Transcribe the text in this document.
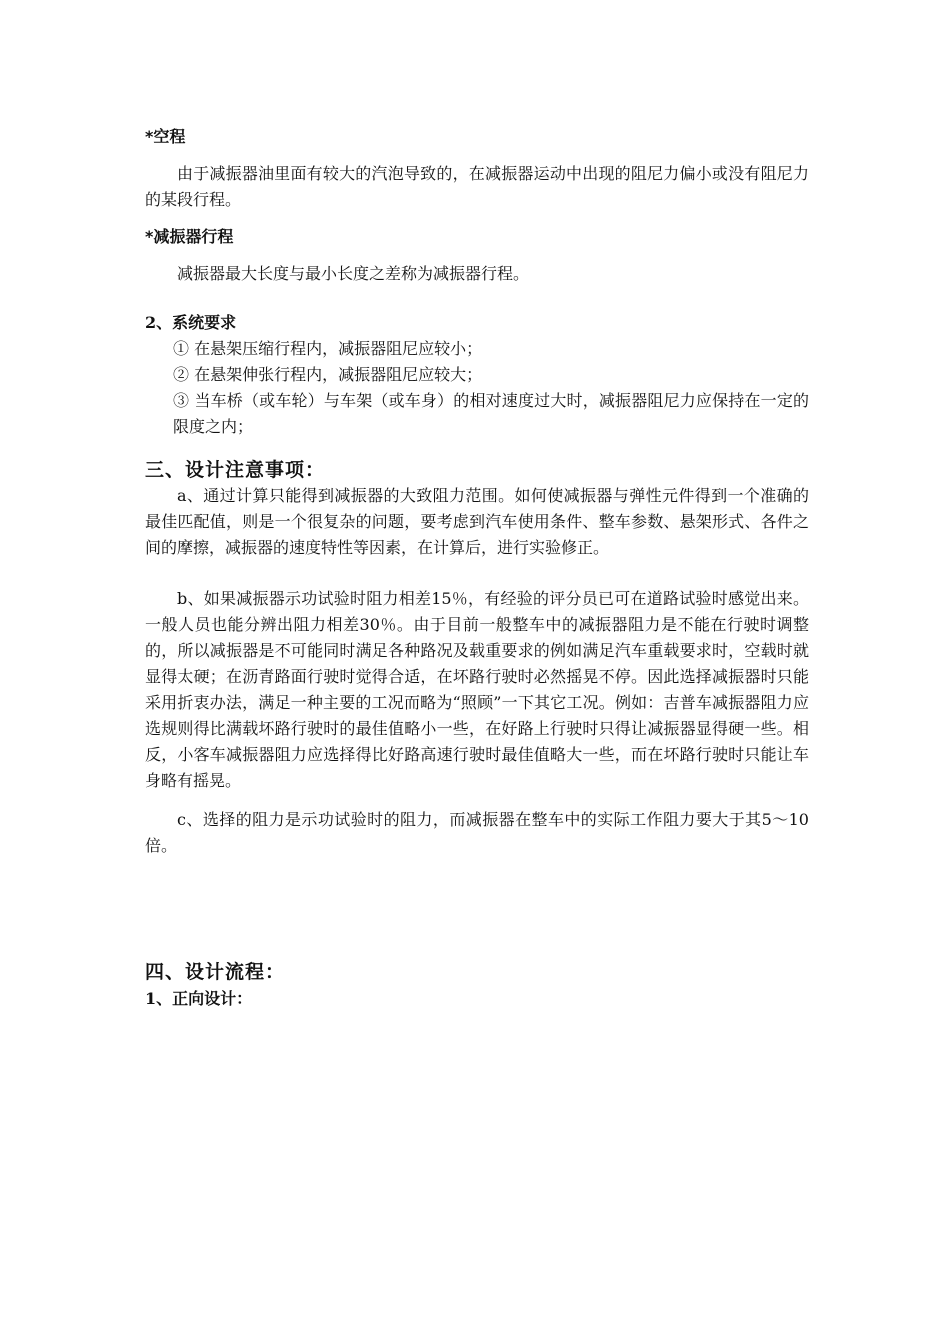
*空程
由于减振器油里面有较大的汽泡导致的，在减振器运动中出现的阻尼力偏小或没有阻尼力的某段行程。
*减振器行程
减振器最大长度与最小长度之差称为减振器行程。
2、系统要求
① 在悬架压缩行程内，减振器阻尼应较小；
② 在悬架伸张行程内，减振器阻尼应较大；
③ 当车桥（或车轮）与车架（或车身）的相对速度过大时，减振器阻尼力应保持在一定的限度之内；
三、设计注意事项：
a、通过计算只能得到减振器的大致阻力范围。如何使减振器与弹性元件得到一个准确的最佳匹配值，则是一个很复杂的问题，要考虑到汽车使用条件、整车参数、悬架形式、各件之间的摩擦，减振器的速度特性等因素，在计算后，进行实验修正。
b、如果减振器示功试验时阻力相差15％，有经验的评分员已可在道路试验时感觉出来。一般人员也能分辨出阻力相差30％。由于目前一般整车中的减振器阻力是不能在行驶时调整的，所以减振器是不可能同时满足各种路况及载重要求的例如满足汽车重载要求时，空载时就显得太硬；在沥青路面行驶时觉得合适，在坏路行驶时必然摇晃不停。因此选择减振器时只能采用折衷办法，满足一种主要的工况而略为“照顾”一下其它工况。例如：吉普车减振器阻力应选规则得比满载坏路行驶时的最佳值略小一些，在好路上行驶时只得让减振器显得硬一些。相反，小客车减振器阻力应选择得比好路高速行驶时最佳值略大一些，而在坏路行驶时只能让车身略有摇晃。
c、选择的阻力是示功试验时的阻力，而减振器在整车中的实际工作阻力要大于其5～10倍。
四、设计流程：
1、正向设计：
